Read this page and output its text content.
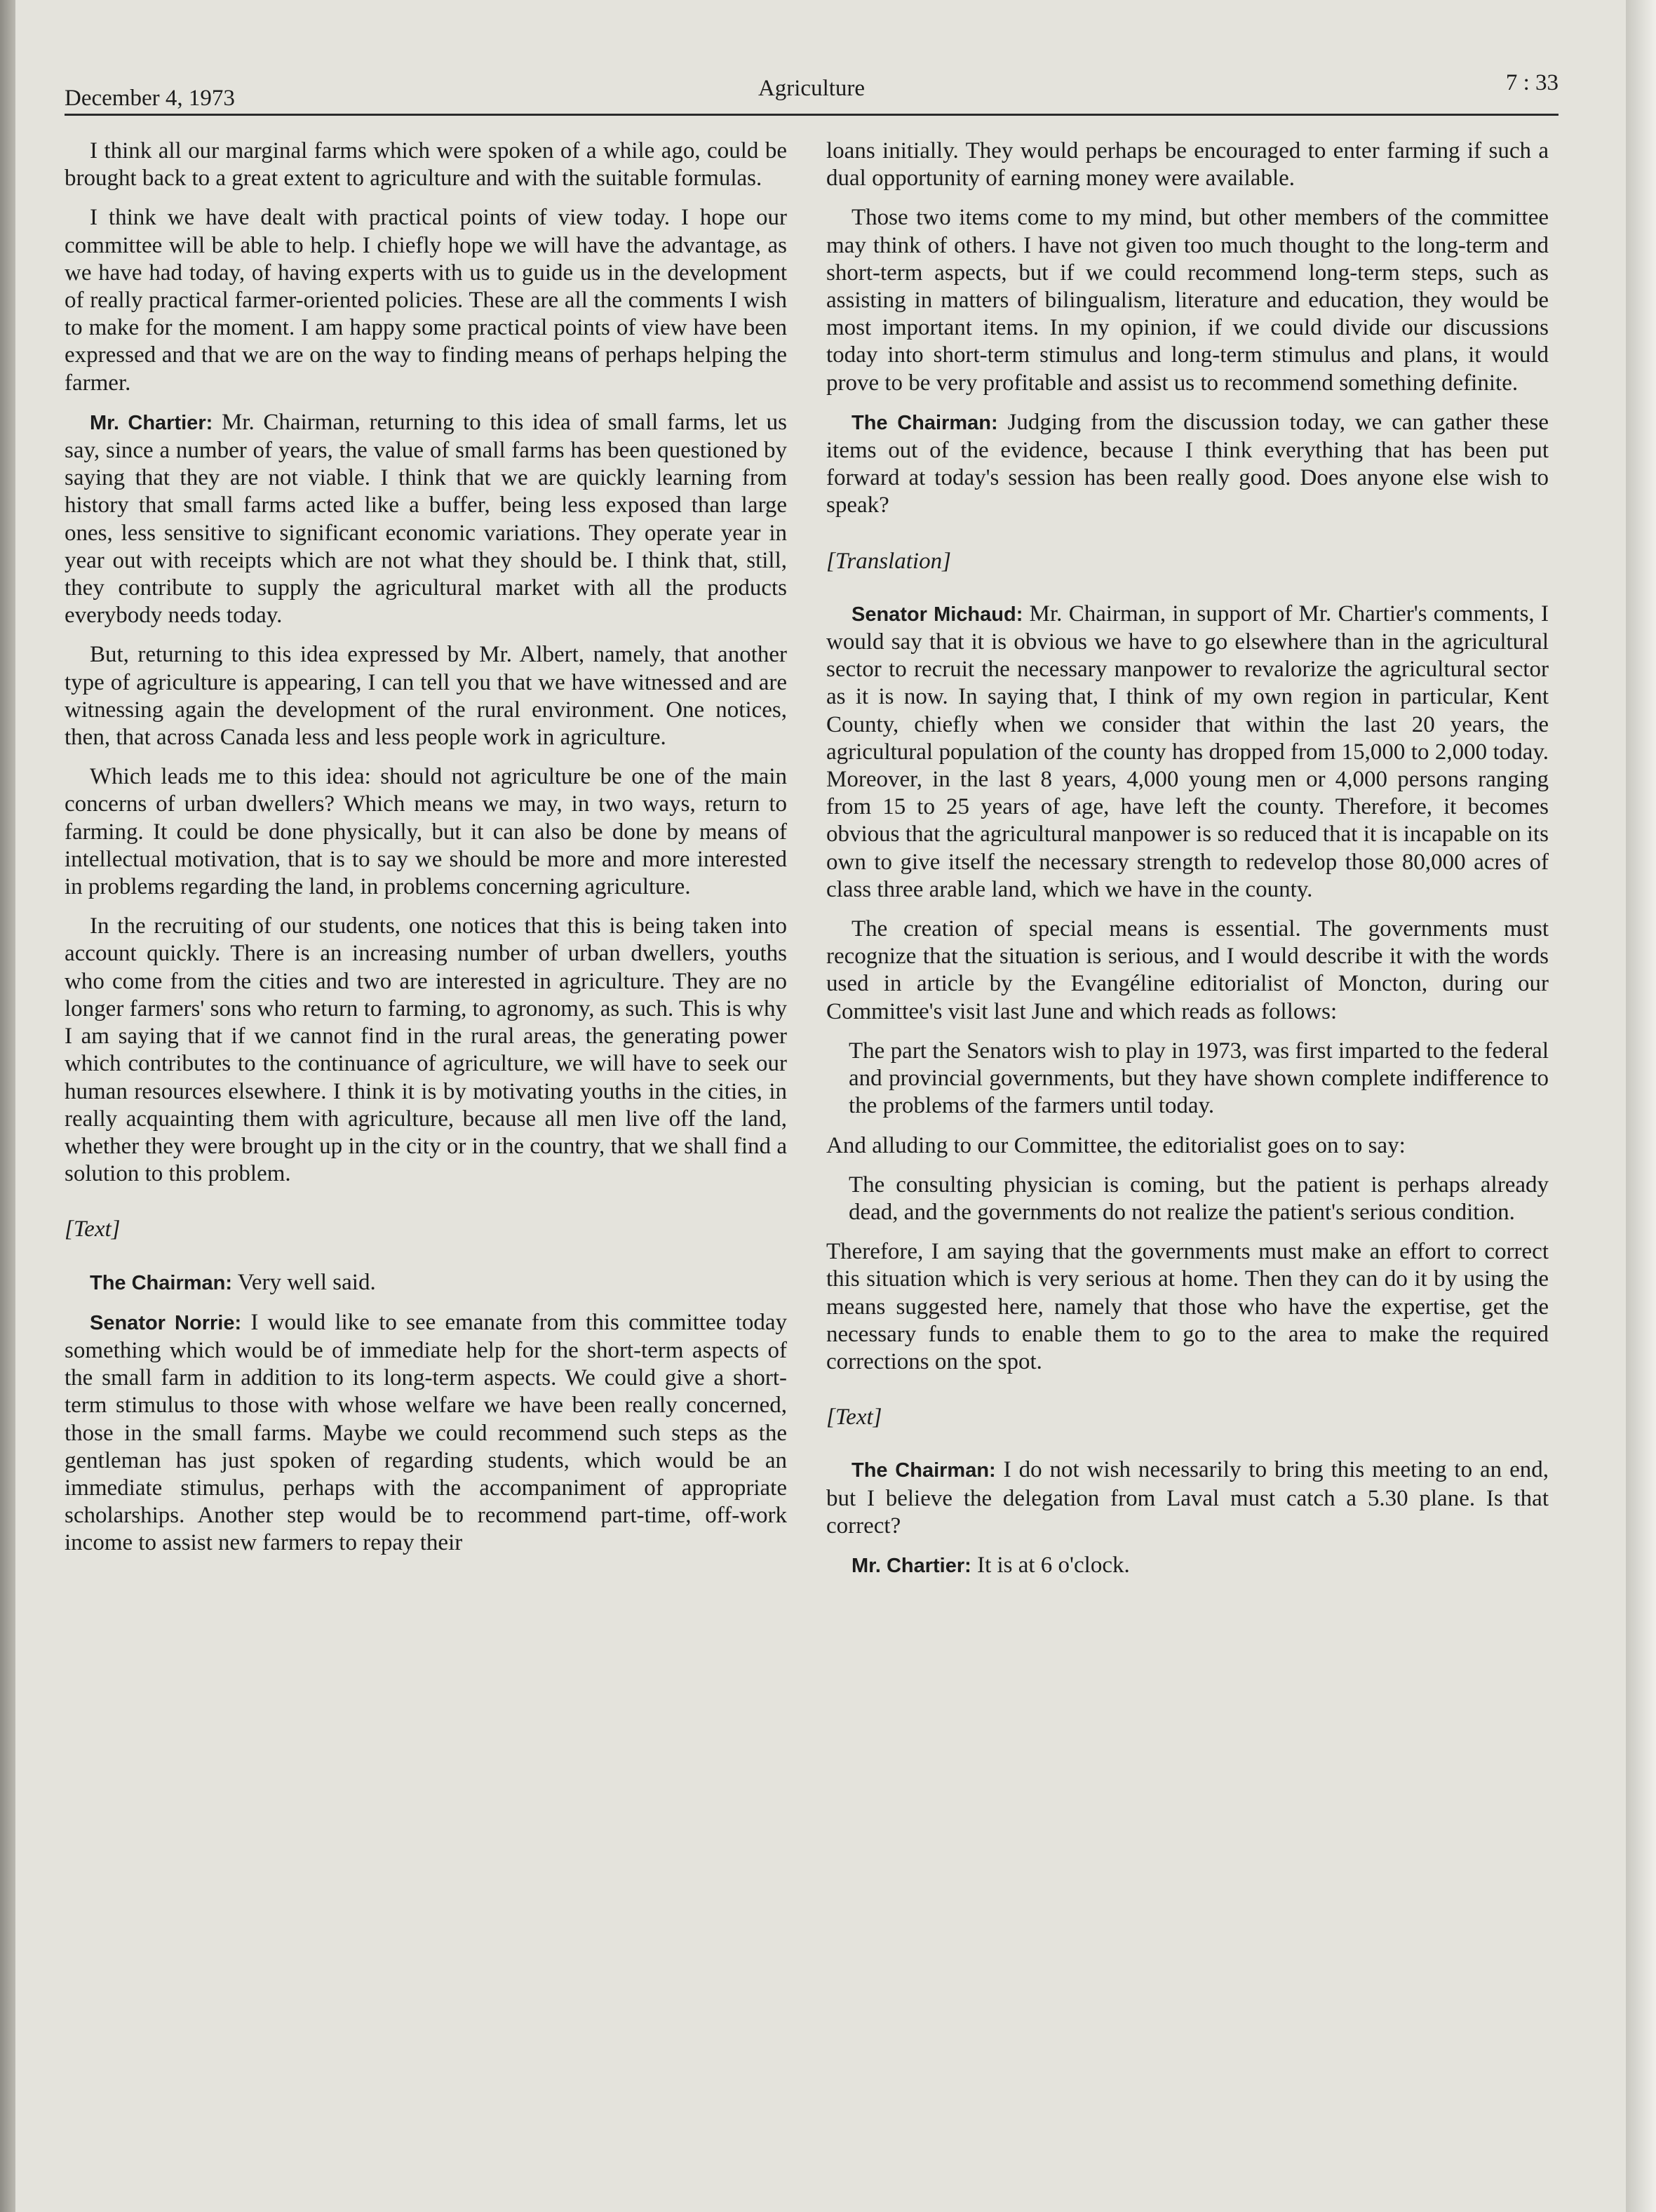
December 4, 1973	Agriculture	7 : 33

I think all our marginal farms which were spoken of a while ago, could be brought back to a great extent to agriculture and with the suitable formulas.

I think we have dealt with practical points of view today. I hope our committee will be able to help. I chiefly hope we will have the advantage, as we have had today, of having experts with us to guide us in the development of really practical farmer-oriented policies. These are all the comments I wish to make for the moment. I am happy some practical points of view have been expressed and that we are on the way to finding means of perhaps helping the farmer.

Mr. Chartier: Mr. Chairman, returning to this idea of small farms, let us say, since a number of years, the value of small farms has been questioned by saying that they are not viable. I think that we are quickly learning from history that small farms acted like a buffer, being less exposed than large ones, less sensitive to significant economic variations. They operate year in year out with receipts which are not what they should be. I think that, still, they contribute to supply the agricultural market with all the products everybody needs today.

But, returning to this idea expressed by Mr. Albert, namely, that another type of agriculture is appearing, I can tell you that we have witnessed and are witnessing again the development of the rural environment. One notices, then, that across Canada less and less people work in agriculture.

Which leads me to this idea: should not agriculture be one of the main concerns of urban dwellers? Which means we may, in two ways, return to farming. It could be done physically, but it can also be done by means of intellectual motivation, that is to say we should be more and more interested in problems regarding the land, in problems concerning agriculture.

In the recruiting of our students, one notices that this is being taken into account quickly. There is an increasing number of urban dwellers, youths who come from the cities and two are interested in agriculture. They are no longer farmers' sons who return to farming, to agronomy, as such. This is why I am saying that if we cannot find in the rural areas, the generating power which contributes to the continuance of agriculture, we will have to seek our human resources elsewhere. I think it is by motivating youths in the cities, in really acquainting them with agriculture, because all men live off the land, whether they were brought up in the city or in the country, that we shall find a solution to this problem.

[Text]

The Chairman: Very well said.

Senator Norrie: I would like to see emanate from this committee today something which would be of immediate help for the short-term aspects of the small farm in addition to its long-term aspects. We could give a short-term stimulus to those with whose welfare we have been really concerned, those in the small farms. Maybe we could recommend such steps as the gentleman has just spoken of regarding students, which would be an immediate stimulus, perhaps with the accompaniment of appropriate scholarships. Another step would be to recommend part-time, off-work income to assist new farmers to repay their

loans initially. They would perhaps be encouraged to enter farming if such a dual opportunity of earning money were available.

Those two items come to my mind, but other members of the committee may think of others. I have not given too much thought to the long-term and short-term aspects, but if we could recommend long-term steps, such as assisting in matters of bilingualism, literature and education, they would be most important items. In my opinion, if we could divide our discussions today into short-term stimulus and long-term stimulus and plans, it would prove to be very profitable and assist us to recommend something definite.

The Chairman: Judging from the discussion today, we can gather these items out of the evidence, because I think everything that has been put forward at today's session has been really good. Does anyone else wish to speak?

[Translation]

Senator Michaud: Mr. Chairman, in support of Mr. Chartier's comments, I would say that it is obvious we have to go elsewhere than in the agricultural sector to recruit the necessary manpower to revalorize the agricultural sector as it is now. In saying that, I think of my own region in particular, Kent County, chiefly when we consider that within the last 20 years, the agricultural population of the county has dropped from 15,000 to 2,000 today. Moreover, in the last 8 years, 4,000 young men or 4,000 persons ranging from 15 to 25 years of age, have left the county. Therefore, it becomes obvious that the agricultural manpower is so reduced that it is incapable on its own to give itself the necessary strength to redevelop those 80,000 acres of class three arable land, which we have in the county.

The creation of special means is essential. The governments must recognize that the situation is serious, and I would describe it with the words used in article by the Evangéline editorialist of Moncton, during our Committee's visit last June and which reads as follows:

The part the Senators wish to play in 1973, was first imparted to the federal and provincial governments, but they have shown complete indifference to the problems of the farmers until today.

And alluding to our Committee, the editorialist goes on to say:

The consulting physician is coming, but the patient is perhaps already dead, and the governments do not realize the patient's serious condition.

Therefore, I am saying that the governments must make an effort to correct this situation which is very serious at home. Then they can do it by using the means suggested here, namely that those who have the expertise, get the necessary funds to enable them to go to the area to make the required corrections on the spot.

[Text]

The Chairman: I do not wish necessarily to bring this meeting to an end, but I believe the delegation from Laval must catch a 5.30 plane. Is that correct?

Mr. Chartier: It is at 6 o'clock.
